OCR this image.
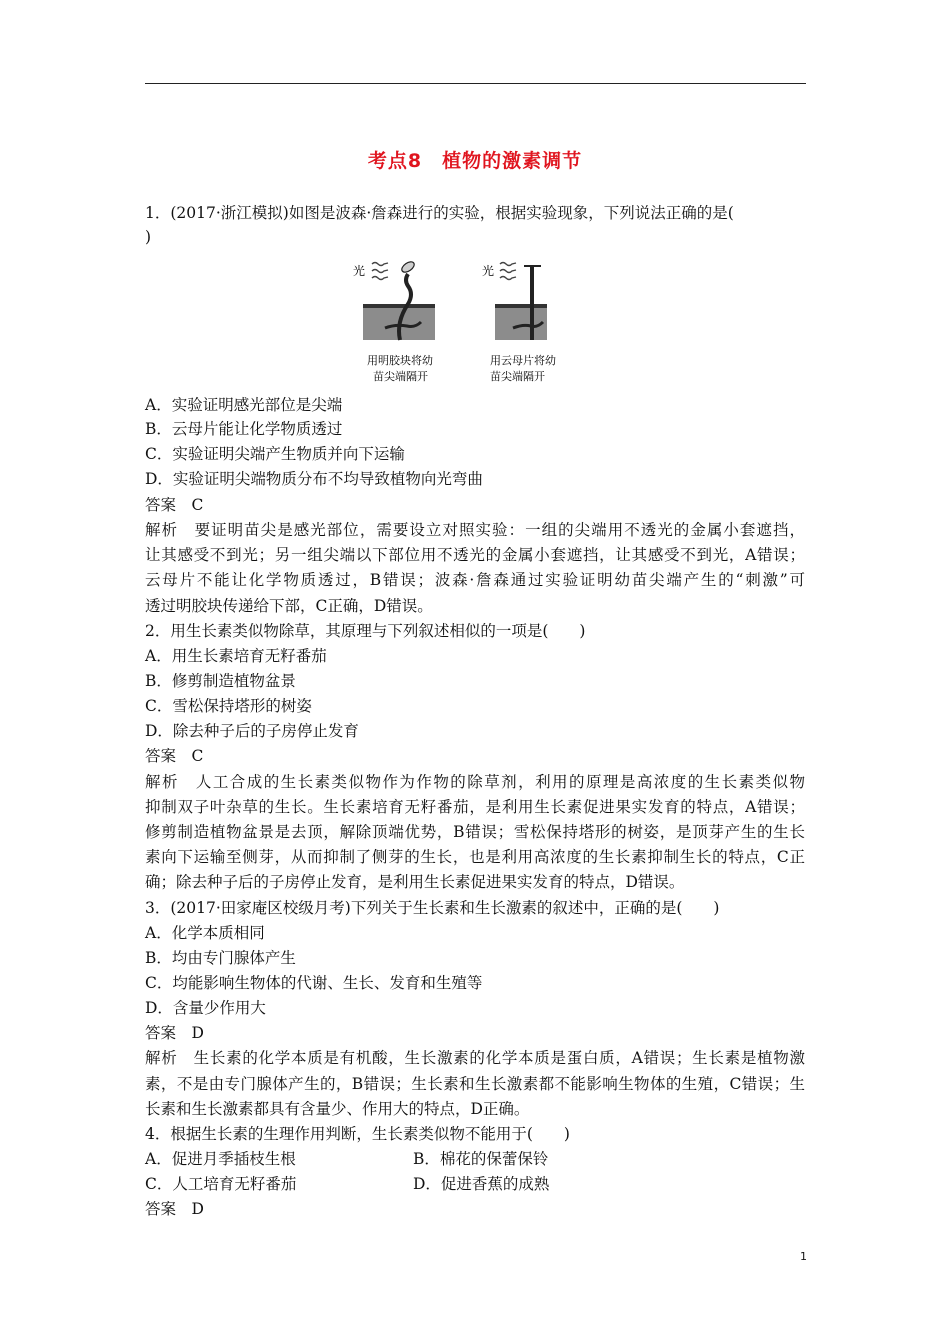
考点8　植物的激素调节
1．(2017·浙江模拟)如图是波森·詹森进行的实验，根据实验现象，下列说法正确的是(
)
光
用明胶块将幼
苗尖端隔开
光
用云母片将幼
苗尖端隔开
A．实验证明感光部位是尖端
B．云母片能让化学物质透过
C．实验证明尖端产生物质并向下运输
D．实验证明尖端物质分布不均导致植物向光弯曲
答案　C
解析　要证明苗尖是感光部位，需要设立对照实验：一组的尖端用不透光的金属小套遮挡，
让其感受不到光；另一组尖端以下部位用不透光的金属小套遮挡，让其感受不到光，A错误；
云母片不能让化学物质透过，B错误；波森·詹森通过实验证明幼苗尖端产生的“刺激”可
透过明胶块传递给下部，C正确，D错误。
2．用生长素类似物除草，其原理与下列叙述相似的一项是(　　)
A．用生长素培育无籽番茄
B．修剪制造植物盆景
C．雪松保持塔形的树姿
D．除去种子后的子房停止发育
答案　C
解析　人工合成的生长素类似物作为作物的除草剂，利用的原理是高浓度的生长素类似物
抑制双子叶杂草的生长。生长素培育无籽番茄，是利用生长素促进果实发育的特点，A错误；
修剪制造植物盆景是去顶，解除顶端优势，B错误；雪松保持塔形的树姿，是顶芽产生的生长
素向下运输至侧芽，从而抑制了侧芽的生长，也是利用高浓度的生长素抑制生长的特点，C正
确；除去种子后的子房停止发育，是利用生长素促进果实发育的特点，D错误。
3．(2017·田家庵区校级月考)下列关于生长素和生长激素的叙述中，正确的是(　　)
A．化学本质相同
B．均由专门腺体产生
C．均能影响生物体的代谢、生长、发育和生殖等
D．含量少作用大
答案　D
解析　生长素的化学本质是有机酸，生长激素的化学本质是蛋白质，A错误；生长素是植物激
素，不是由专门腺体产生的，B错误；生长素和生长激素都不能影响生物体的生殖，C错误；生
长素和生长激素都具有含量少、作用大的特点，D正确。
4．根据生长素的生理作用判断，生长素类似物不能用于(　　)
A．促进月季插枝生根	B．棉花的保蕾保铃
C．人工培育无籽番茄	D．促进香蕉的成熟
答案　D
1
